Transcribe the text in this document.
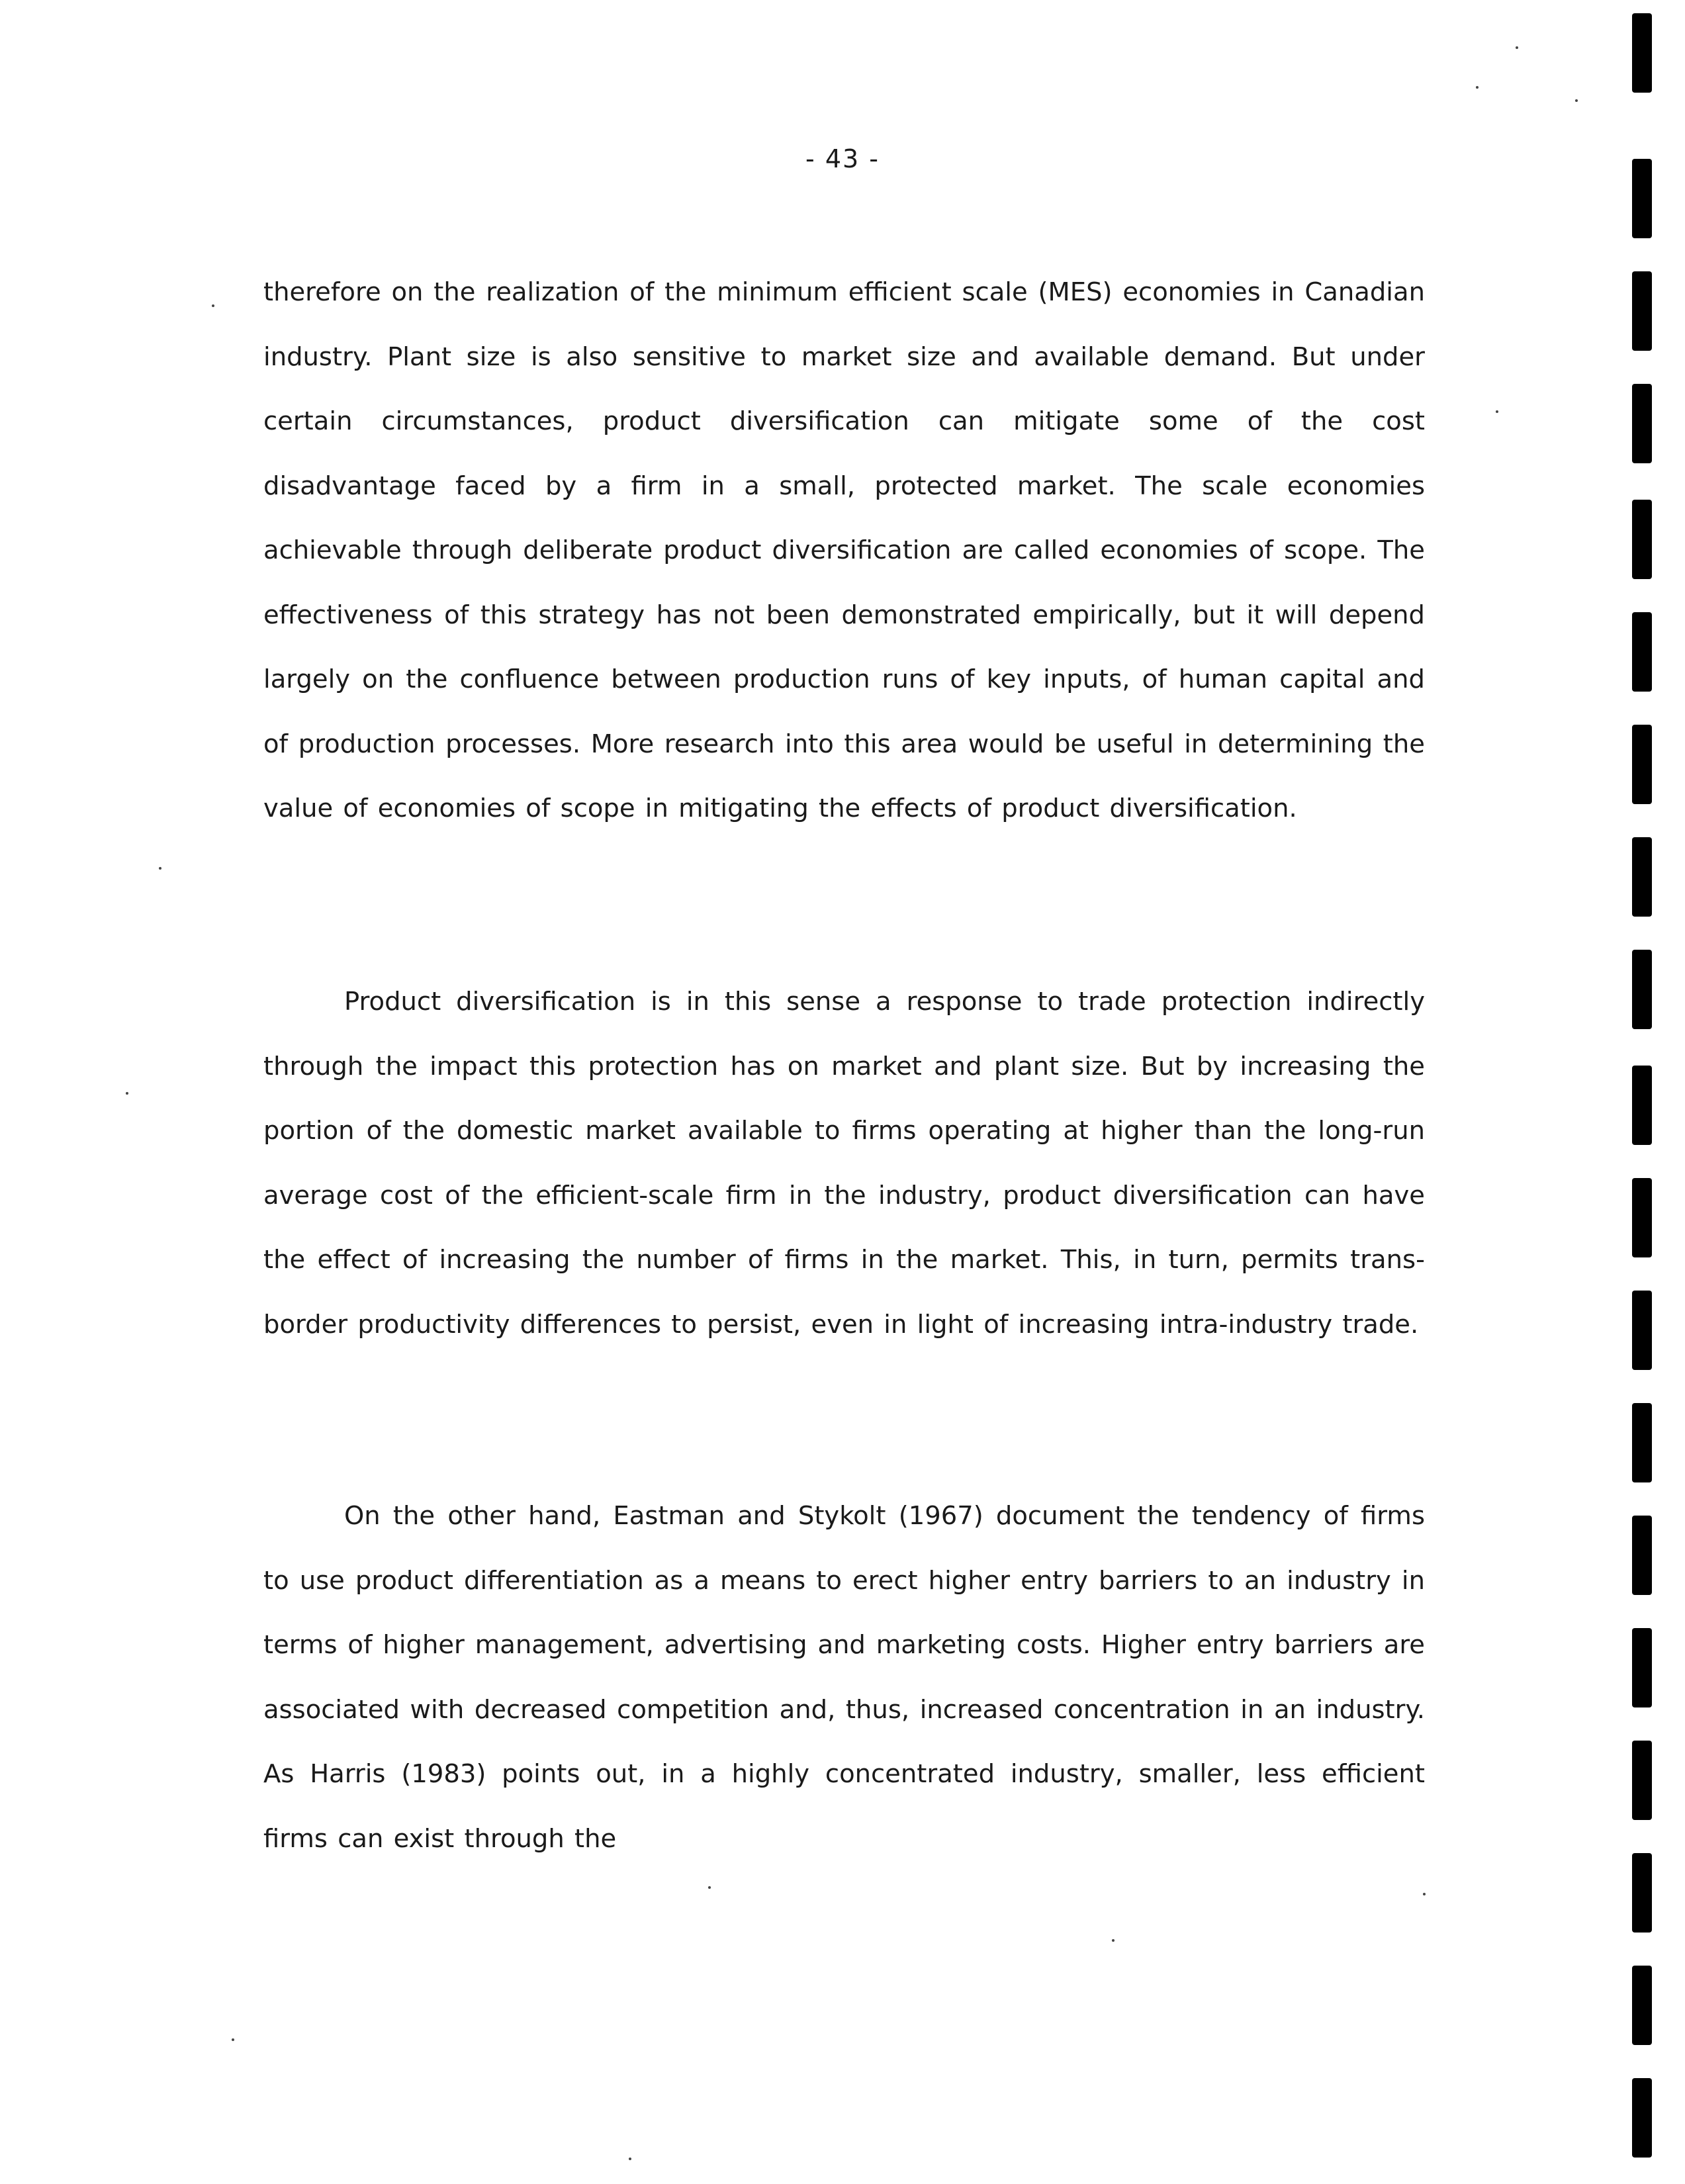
- 43 -

therefore on the realization of the minimum efficient scale (MES) economies in Canadian industry. Plant size is also sensitive to market size and available demand. But under certain circumstances, product diversification can mitigate some of the cost disadvantage faced by a firm in a small, protected market. The scale economies achievable through deliberate product diversification are called economies of scope. The effectiveness of this strategy has not been demonstrated empirically, but it will depend largely on the confluence between production runs of key inputs, of human capital and of production processes. More research into this area would be useful in determining the value of economies of scope in mitigating the effects of product diversification.

Product diversification is in this sense a response to trade protection indirectly through the impact this protection has on market and plant size. But by increasing the portion of the domestic market available to firms operating at higher than the long-run average cost of the efficient-scale firm in the industry, product diversification can have the effect of increasing the number of firms in the market. This, in turn, permits trans-border productivity differences to persist, even in light of increasing intra-industry trade.

On the other hand, Eastman and Stykolt (1967) document the tendency of firms to use product differentiation as a means to erect higher entry barriers to an industry in terms of higher management, advertising and marketing costs. Higher entry barriers are associated with decreased competition and, thus, increased concentration in an industry. As Harris (1983) points out, in a highly concentrated industry, smaller, less efficient firms can exist through the
